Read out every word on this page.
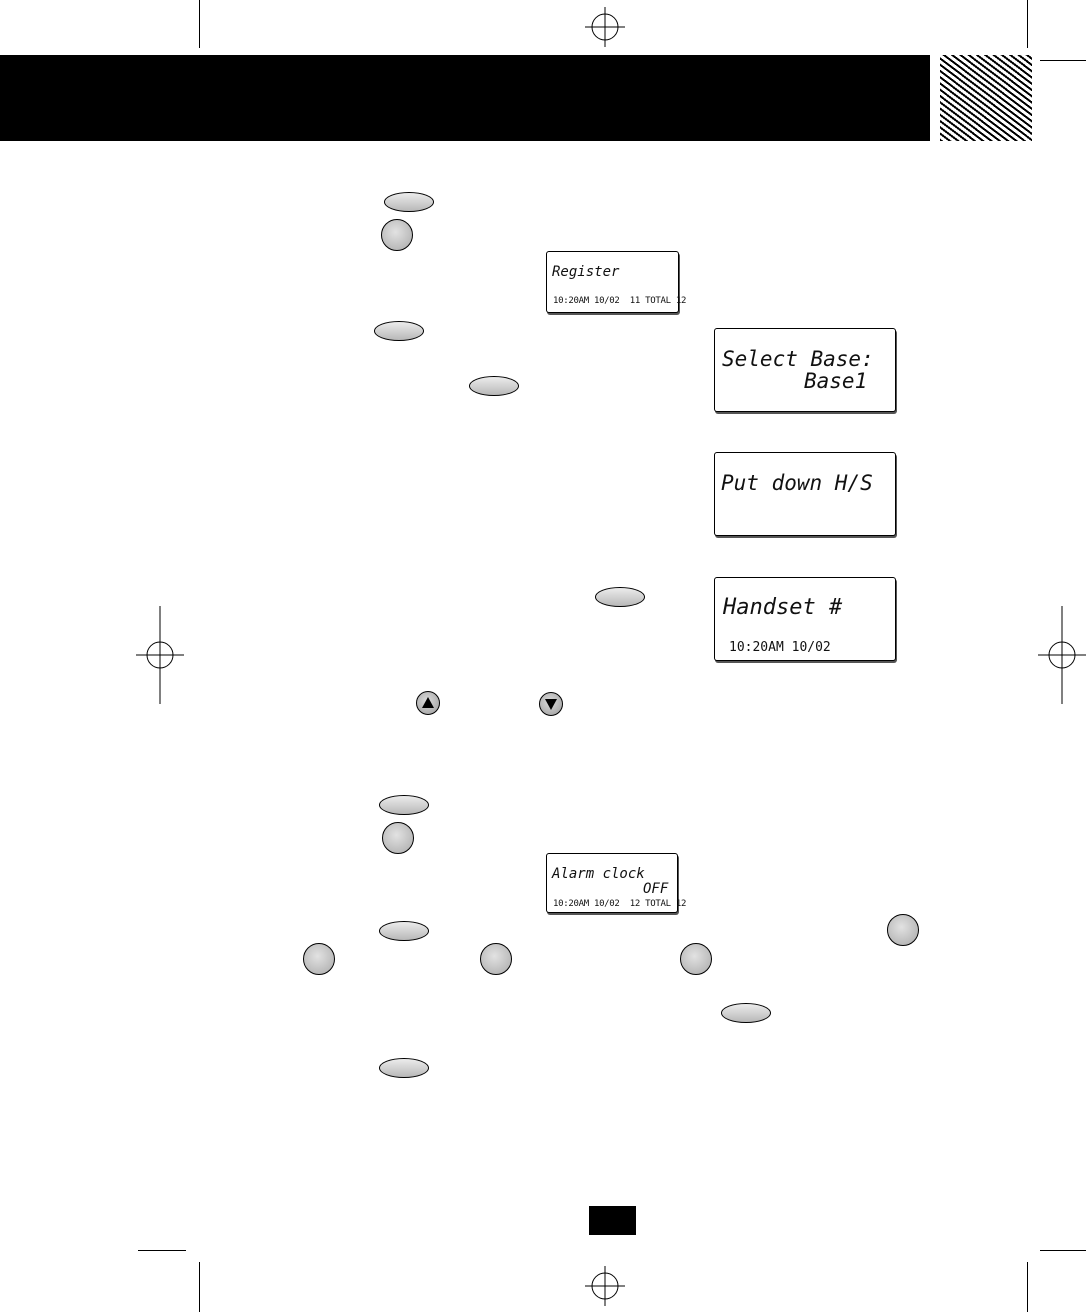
Register
10:20AM 10/02  11 TOTAL 12
Select Base:
Base1
Put down H/S
Handset #
10:20AM 10/02
Alarm clock
OFF
10:20AM 10/02  12 TOTAL 12
